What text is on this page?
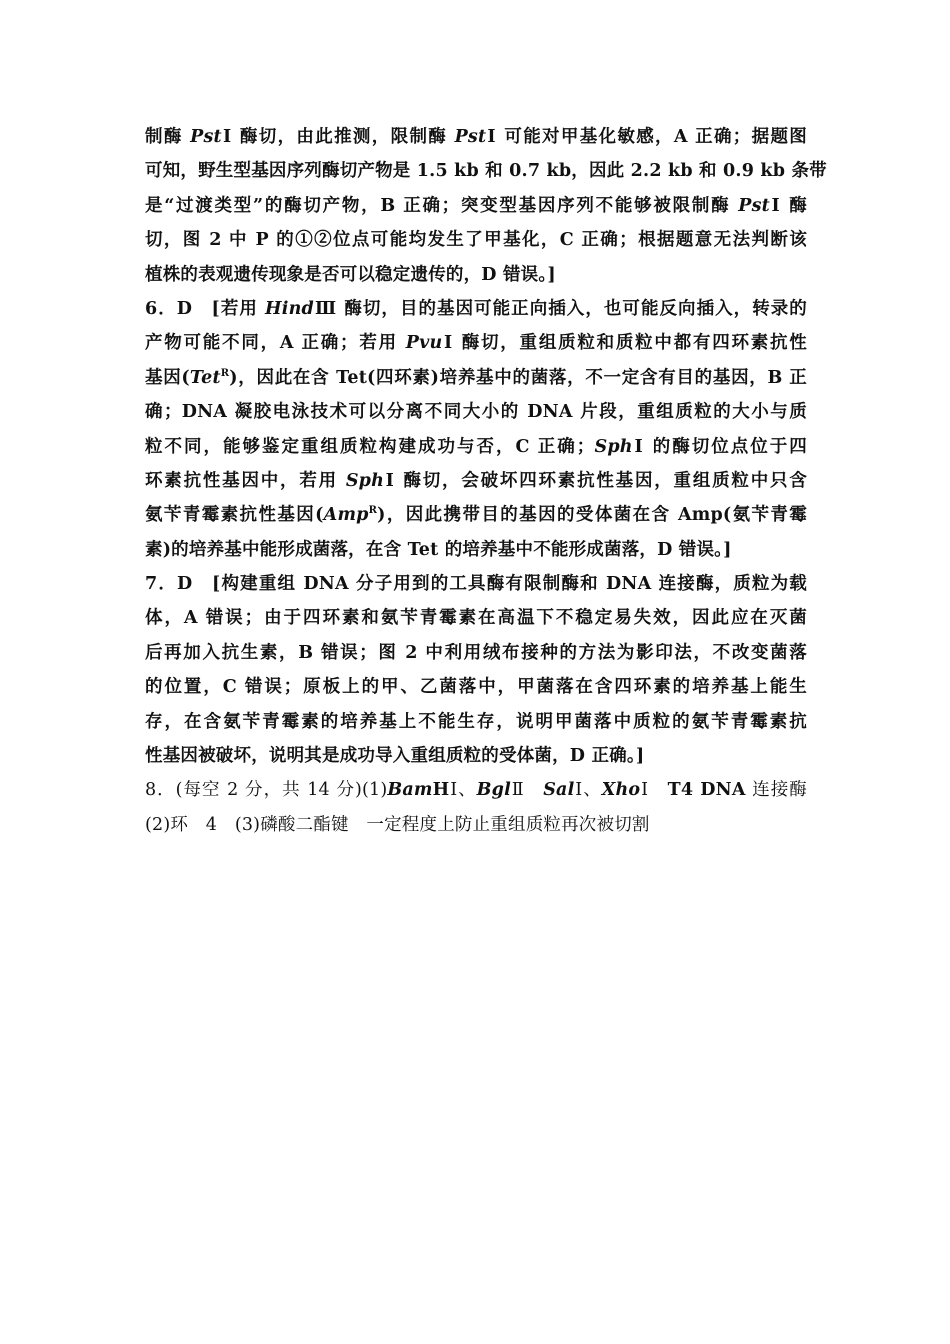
制酶 PstⅠ 酶切，由此推测，限制酶 PstⅠ 可能对甲基化敏感，A 正确；据题图
可知，野生型基因序列酶切产物是 1.5 kb 和 0.7 kb，因此 2.2 kb 和 0.9 kb 条带
是“过渡类型”的酶切产物，B 正确；突变型基因序列不能够被限制酶 PstⅠ 酶
切，图 2 中 P 的①②位点可能均发生了甲基化，C 正确；根据题意无法判断该
植株的表观遗传现象是否可以稳定遗传的，D 错误。]
6．D　[若用 HindⅢ 酶切，目的基因可能正向插入，也可能反向插入，转录的
产物可能不同，A 正确；若用 PvuⅠ 酶切，重组质粒和质粒中都有四环素抗性
基因(Tet$^R$)，因此在含 Tet(四环素)培养基中的菌落，不一定含有目的基因，B 正
确；DNA 凝胶电泳技术可以分离不同大小的 DNA 片段，重组质粒的大小与质
粒不同，能够鉴定重组质粒构建成功与否，C 正确；SphⅠ 的酶切位点位于四
环素抗性基因中，若用 SphⅠ 酶切，会破坏四环素抗性基因，重组质粒中只含
氨苄青霉素抗性基因(Amp$^R$)，因此携带目的基因的受体菌在含 Amp(氨苄青霉
素)的培养基中能形成菌落，在含 Tet 的培养基中不能形成菌落，D 错误。]
7．D　[构建重组 DNA 分子用到的工具酶有限制酶和 DNA 连接酶，质粒为载
体，A 错误；由于四环素和氨苄青霉素在高温下不稳定易失效，因此应在灭菌
后再加入抗生素，B 错误；图 2 中利用绒布接种的方法为影印法，不改变菌落
的位置，C 错误；原板上的甲、乙菌落中，甲菌落在含四环素的培养基上能生
存，在含氨苄青霉素的培养基上不能生存，说明甲菌落中质粒的氨苄青霉素抗
性基因被破坏，说明其是成功导入重组质粒的受体菌，D 正确。]
8．(每空 2 分，共 14 分)(1)BamHⅠ、BglⅡ　SalⅠ、XhoⅠ　T4 DNA 连接酶
(2)环　4　(3)磷酸二酯键　一定程度上防止重组质粒再次被切割
